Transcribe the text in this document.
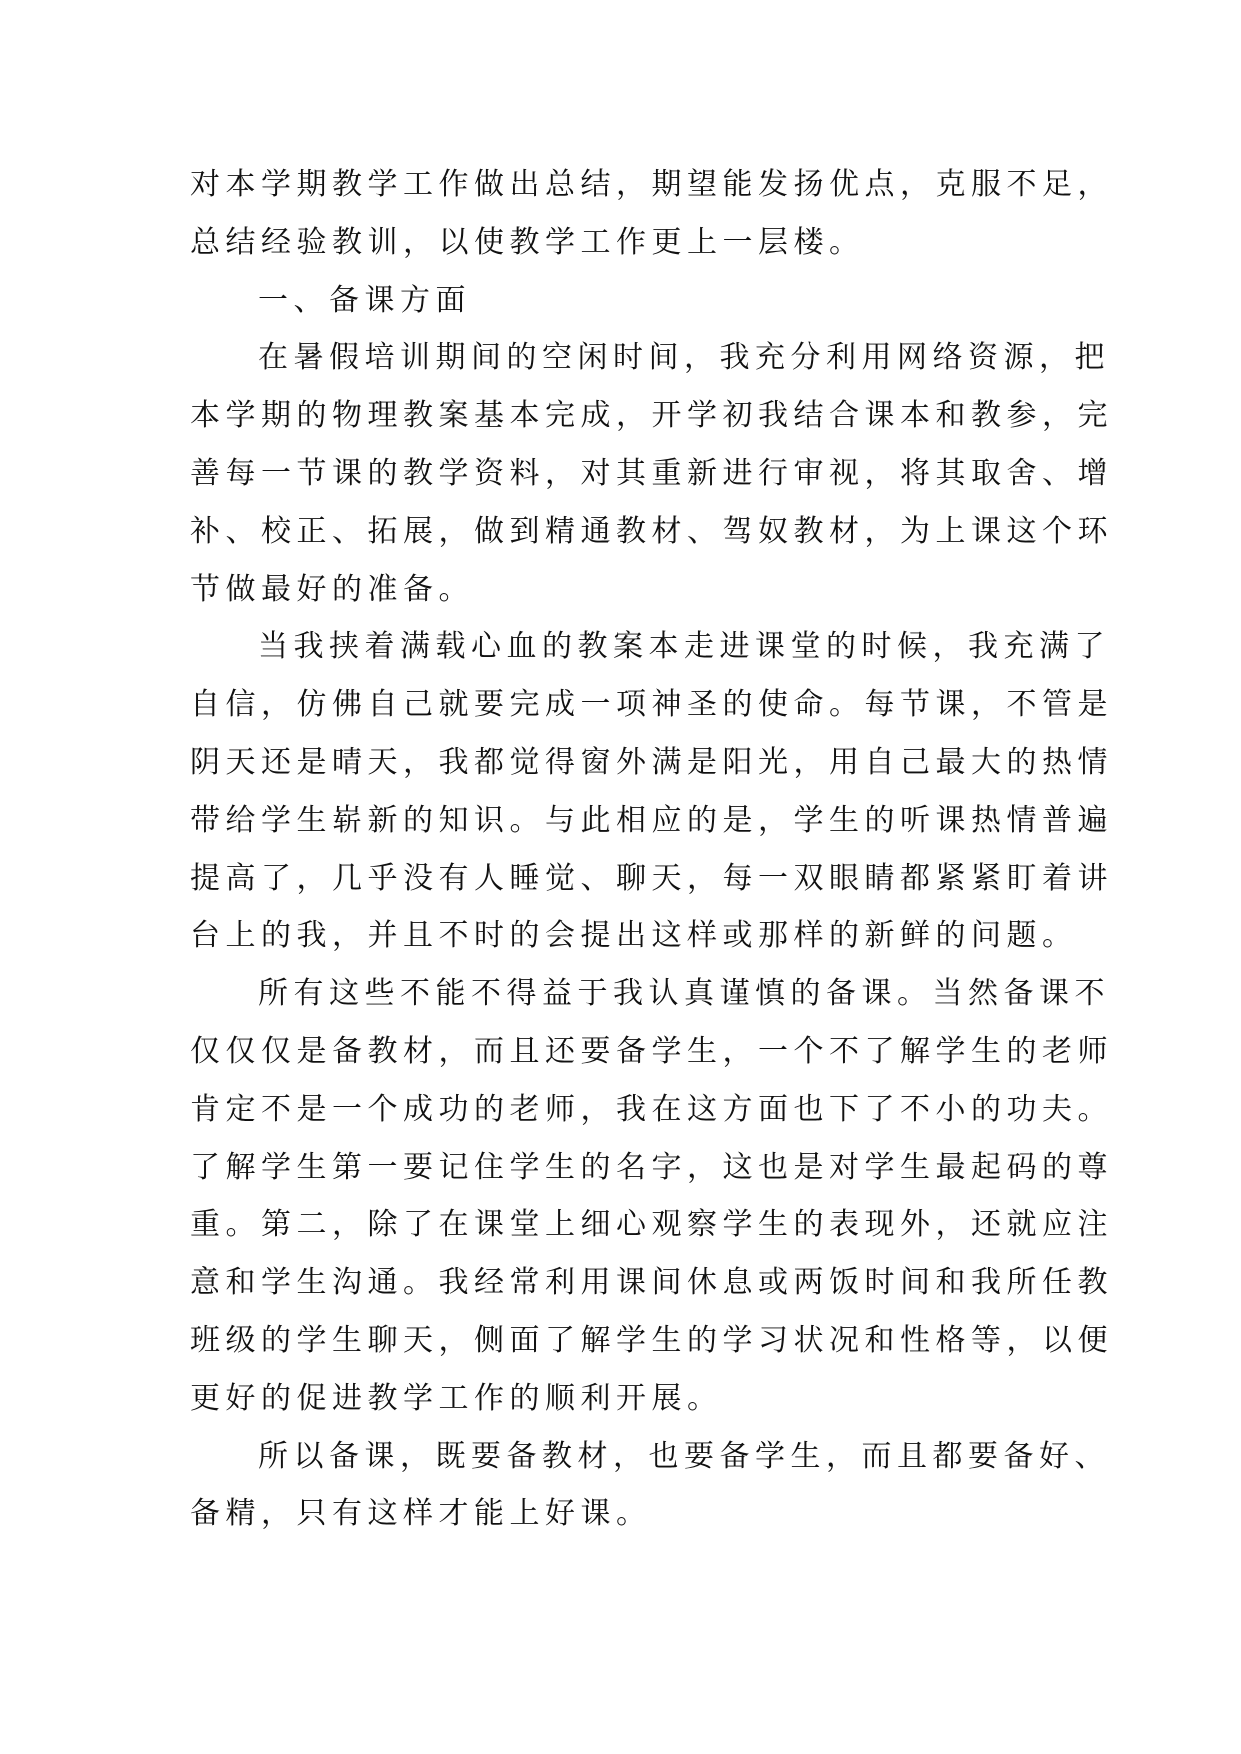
对本学期教学工作做出总结，期望能发扬优点，克服不足，
总结经验教训，以使教学工作更上一层楼。
一、备课方面
在暑假培训期间的空闲时间，我充分利用网络资源，把
本学期的物理教案基本完成，开学初我结合课本和教参，完
善每一节课的教学资料，对其重新进行审视，将其取舍、增
补、校正、拓展，做到精通教材、驾奴教材，为上课这个环
节做最好的准备。
当我挟着满载心血的教案本走进课堂的时候，我充满了
自信，仿佛自己就要完成一项神圣的使命。每节课，不管是
阴天还是晴天，我都觉得窗外满是阳光，用自己最大的热情
带给学生崭新的知识。与此相应的是，学生的听课热情普遍
提高了，几乎没有人睡觉、聊天，每一双眼睛都紧紧盯着讲
台上的我，并且不时的会提出这样或那样的新鲜的问题。
所有这些不能不得益于我认真谨慎的备课。当然备课不
仅仅仅是备教材，而且还要备学生，一个不了解学生的老师
肯定不是一个成功的老师，我在这方面也下了不小的功夫。
了解学生第一要记住学生的名字，这也是对学生最起码的尊
重。第二，除了在课堂上细心观察学生的表现外，还就应注
意和学生沟通。我经常利用课间休息或两饭时间和我所任教
班级的学生聊天，侧面了解学生的学习状况和性格等，以便
更好的促进教学工作的顺利开展。
所以备课，既要备教材，也要备学生，而且都要备好、
备精，只有这样才能上好课。
